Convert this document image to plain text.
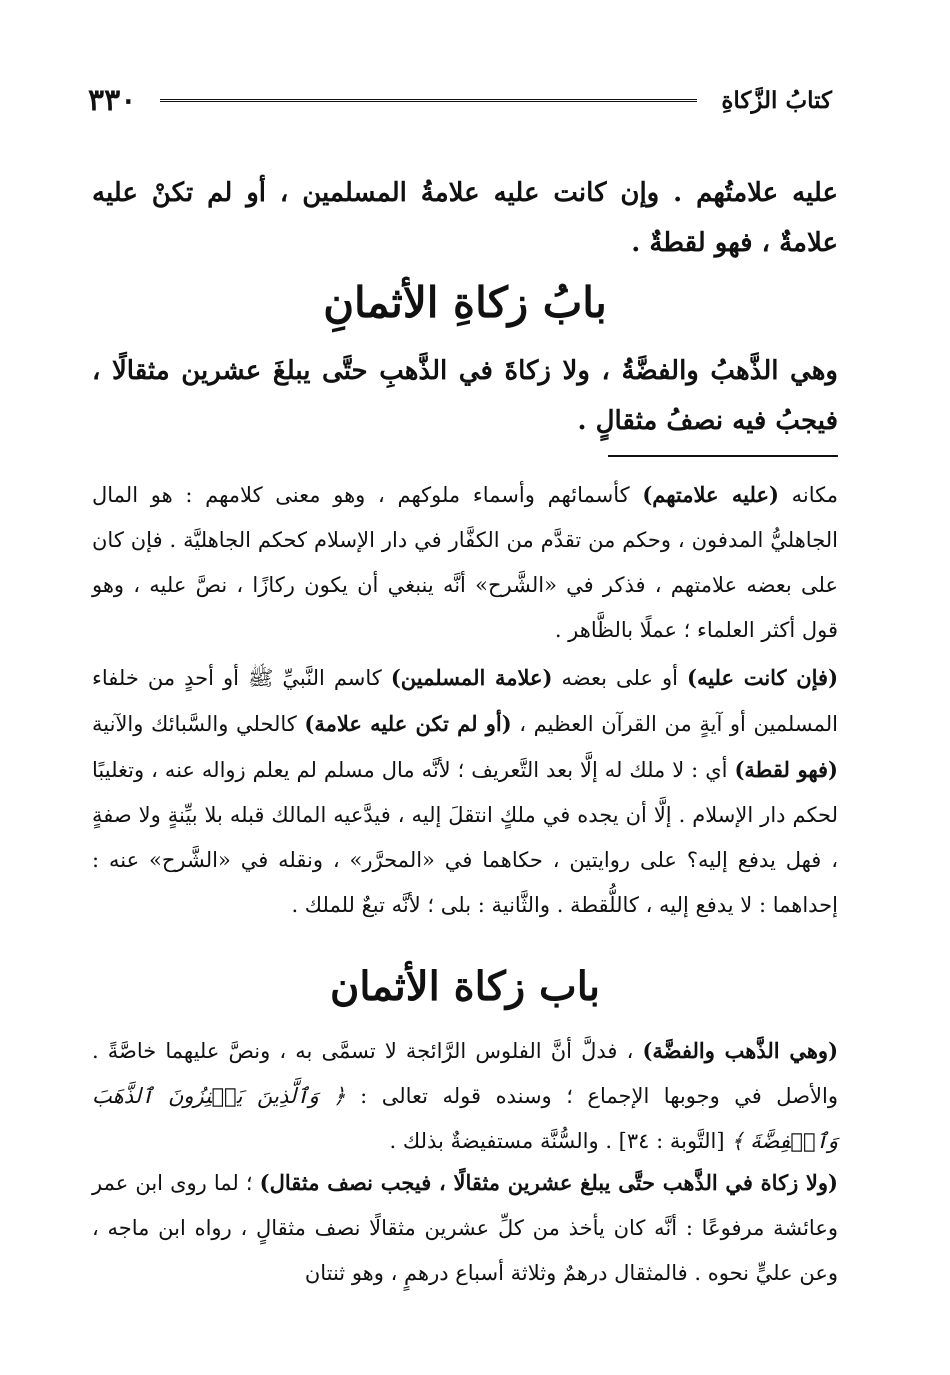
كتابُ الزَّكاةِ
٣٣٠

عليه علامتُهم . وإن كانت عليه علامةُ المسلمين ، أو لم تكنْ عليه علامةٌ ، فهو لقطةٌ .

بابُ زكاةِ الأثمانِ

وهي الذَّهبُ والفضَّةُ ، ولا زكاةَ في الذَّهبِ حتَّى يبلغَ عشرين مثقالًا ، فيجبُ فيه نصفُ مثقالٍ .

مكانه (عليه علامتهم) كأسمائهم وأسماء ملوكهم ، وهو معنى كلامهم : هو المال الجاهليُّ المدفون ، وحكم من تقدَّم من الكفَّار في دار الإسلام كحكم الجاهليَّة . فإن كان على بعضه علامتهم ، فذكر في «الشَّرح» أنَّه ينبغي أن يكون ركازًا ، نصَّ عليه ، وهو قول أكثر العلماء ؛ عملًا بالظَّاهر .

(فإن كانت عليه) أو على بعضه (علامة المسلمين) كاسم النَّبيِّ ﷺ أو أحدٍ من خلفاء المسلمين أو آيةٍ من القرآن العظيم ، (أو لم تكن عليه علامة) كالحلي والسَّبائك والآنية (فهو لقطة) أي : لا ملك له إلَّا بعد التَّعريف ؛ لأنَّه مال مسلم لم يعلم زواله عنه ، وتغليبًا لحكم دار الإسلام . إلَّا أن يجده في ملكٍ انتقلَ إليه ، فيدَّعيه المالك قبله بلا بيِّنةٍ ولا صفةٍ ، فهل يدفع إليه؟ على روايتين ، حكاهما في «المحرَّر» ، ونقله في «الشَّرح» عنه : إحداهما : لا يدفع إليه ، كاللُّقطة . والثَّانية : بلى ؛ لأنَّه تبعٌ للملك .

باب زكاة الأثمان

(وهي الذَّهب والفضَّة) ، فدلَّ أنَّ الفلوس الرَّائجة لا تسمَّى به ، ونصَّ عليهما خاصَّةً . والأصل في وجوبها الإجماع ؛ وسنده قوله تعالى : ﴿ وَٱلَّذِينَ يَكۡنِزُونَ ٱلذَّهَبَ وَٱلۡفِضَّةَ ﴾ [التَّوبة : ٣٤] . والسُّنَّة مستفيضةٌ بذلك .

(ولا زكاة في الذَّهب حتَّى يبلغ عشرين مثقالًا ، فيجب نصف مثقال) ؛ لما روى ابن عمر وعائشة مرفوعًا : أنَّه كان يأخذ من كلِّ عشرين مثقالًا نصف مثقالٍ ، رواه ابن ماجه ، وعن عليٍّ نحوه . فالمثقال درهمٌ وثلاثة أسباع درهمٍ ، وهو ثنتان
